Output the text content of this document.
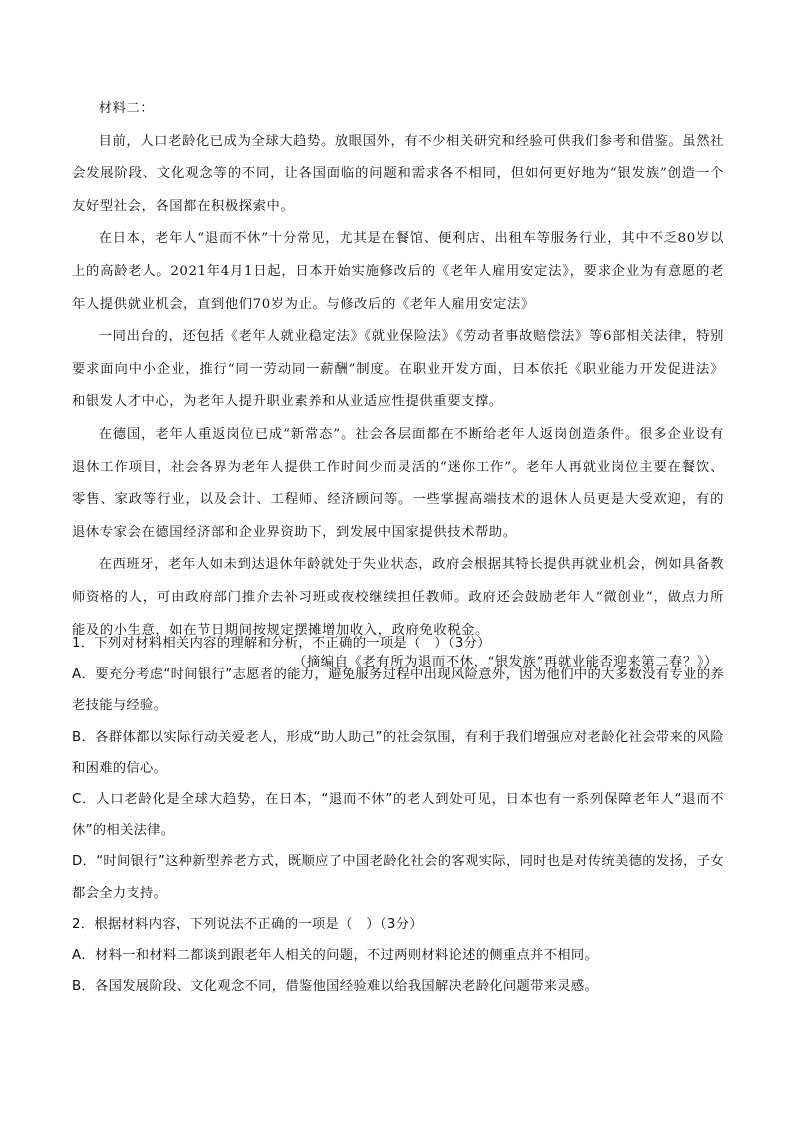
材料二：

目前，人口老龄化已成为全球大趋势。放眼国外，有不少相关研究和经验可供我们参考和借鉴。虽然社会发展阶段、文化观念等的不同，让各国面临的问题和需求各不相同，但如何更好地为“银发族”创造一个友好型社会，各国都在积极探索中。

在日本，老年人“退而不休”十分常见，尤其是在餐馆、便利店、出租车等服务行业，其中不乏80岁以上的高龄老人。2021年4月1日起，日本开始实施修改后的《老年人雇用安定法》，要求企业为有意愿的老年人提供就业机会，直到他们70岁为止。与修改后的《老年人雇用安定法》

一同出台的，还包括《老年人就业稳定法》《就业保险法》《劳动者事故赔偿法》等6部相关法律，特别要求面向中小企业，推行“同一劳动同一薪酬”制度。在职业开发方面，日本依托《职业能力开发促进法》和银发人才中心，为老年人提升职业素养和从业适应性提供重要支撑。

在德国，老年人重返岗位已成“新常态”。社会各层面都在不断给老年人返岗创造条件。很多企业设有退休工作项目，社会各界为老年人提供工作时间少而灵活的“迷你工作”。老年人再就业岗位主要在餐饮、零售、家政等行业，以及会计、工程师、经济顾问等。一些掌握高端技术的退休人员更是大受欢迎，有的退休专家会在德国经济部和企业界资助下，到发展中国家提供技术帮助。

在西班牙，老年人如未到达退休年龄就处于失业状态，政府会根据其特长提供再就业机会，例如具备教师资格的人，可由政府部门推介去补习班或夜校继续担任教师。政府还会鼓励老年人“微创业”，做点力所能及的小生意，如在节日期间按规定摆摊增加收入，政府免收税金。

（摘编自《老有所为退而不休，“银发族”再就业能否迎来第二春？》）

1．下列对材料相关内容的理解和分析，不正确的一项是（　）（3分）

A．要充分考虑“时间银行”志愿者的能力，避免服务过程中出现风险意外，因为他们中的大多数没有专业的养老技能与经验。

B．各群体都以实际行动关爱老人，形成“助人助己”的社会氛围，有利于我们增强应对老龄化社会带来的风险和困难的信心。

C．人口老龄化是全球大趋势，在日本，“退而不休”的老人到处可见，日本也有一系列保障老年人“退而不休”的相关法律。

D．“时间银行”这种新型养老方式，既顺应了中国老龄化社会的客观实际，同时也是对传统美德的发扬，子女都会全力支持。

2．根据材料内容，下列说法不正确的一项是（　）（3分）

A．材料一和材料二都谈到跟老年人相关的问题，不过两则材料论述的侧重点并不相同。

B．各国发展阶段、文化观念不同，借鉴他国经验难以给我国解决老龄化问题带来灵感。
